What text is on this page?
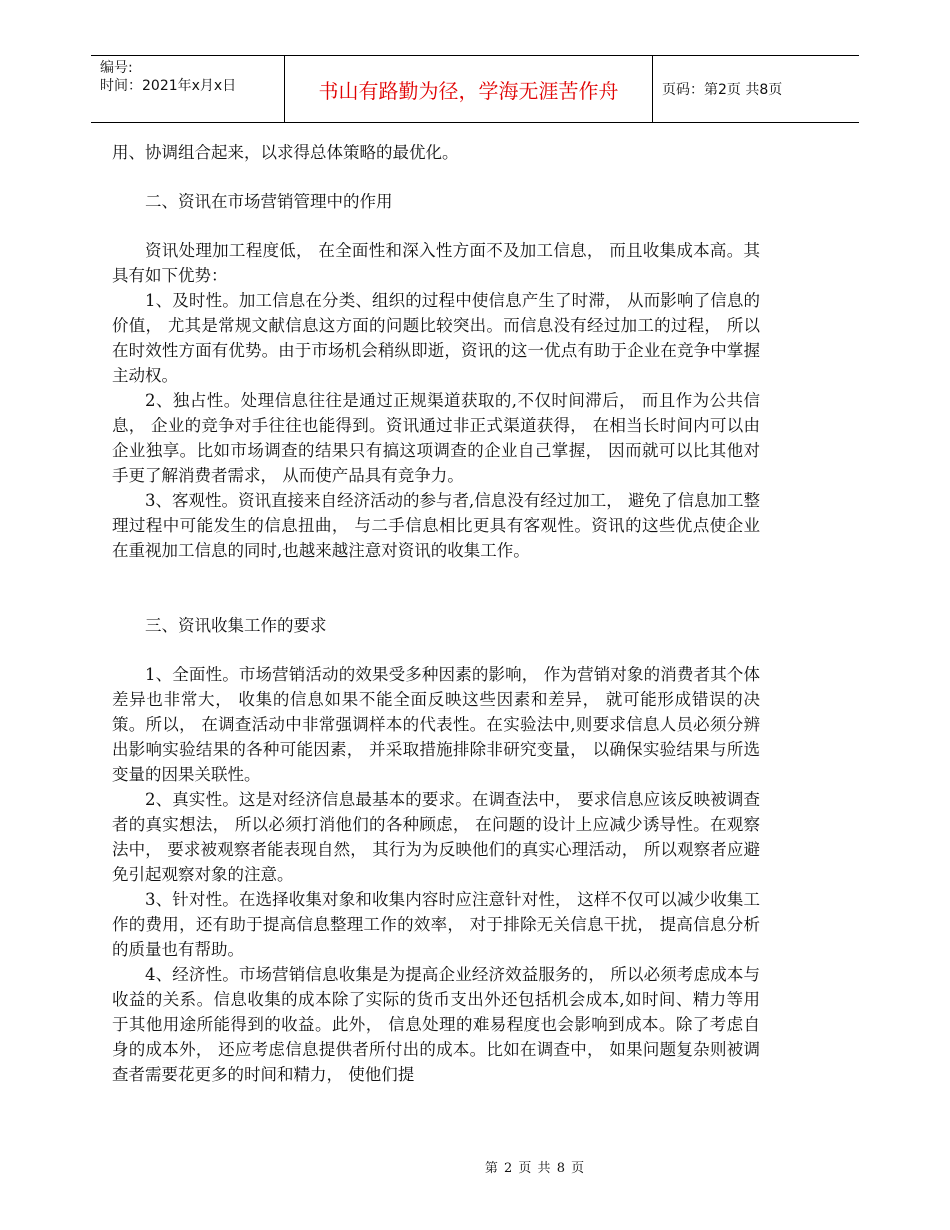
编号:
时间：2021年x月x日	书山有路勤为径，学海无涯苦作舟	页码：第2页 共8页

用、协调组合起来，以求得总体策略的最优化。

二、资讯在市场营销管理中的作用

资讯处理加工程度低， 在全面性和深入性方面不及加工信息， 而且收集成本高。其具有如下优势：

1、及时性。加工信息在分类、组织的过程中使信息产生了时滞， 从而影响了信息的价值， 尤其是常规文献信息这方面的问题比较突出。而信息没有经过加工的过程， 所以在时效性方面有优势。由于市场机会稍纵即逝，资讯的这一优点有助于企业在竞争中掌握主动权。

2、独占性。处理信息往往是通过正规渠道获取的,不仅时间滞后， 而且作为公共信息， 企业的竞争对手往往也能得到。资讯通过非正式渠道获得， 在相当长时间内可以由企业独享。比如市场调查的结果只有搞这项调查的企业自己掌握， 因而就可以比其他对手更了解消费者需求， 从而使产品具有竞争力。

3、客观性。资讯直接来自经济活动的参与者,信息没有经过加工， 避免了信息加工整理过程中可能发生的信息扭曲， 与二手信息相比更具有客观性。资讯的这些优点使企业在重视加工信息的同时,也越来越注意对资讯的收集工作。

三、资讯收集工作的要求

1、全面性。市场营销活动的效果受多种因素的影响， 作为营销对象的消费者其个体差异也非常大， 收集的信息如果不能全面反映这些因素和差异， 就可能形成错误的决策。所以， 在调查活动中非常强调样本的代表性。在实验法中,则要求信息人员必须分辨出影响实验结果的各种可能因素， 并采取措施排除非研究变量， 以确保实验结果与所选变量的因果关联性。

2、真实性。这是对经济信息最基本的要求。在调查法中， 要求信息应该反映被调查者的真实想法， 所以必须打消他们的各种顾虑， 在问题的设计上应减少诱导性。在观察法中， 要求被观察者能表现自然， 其行为为反映他们的真实心理活动， 所以观察者应避免引起观察对象的注意。

3、针对性。在选择收集对象和收集内容时应注意针对性， 这样不仅可以减少收集工作的费用，还有助于提高信息整理工作的效率， 对于排除无关信息干扰， 提高信息分析的质量也有帮助。

4、经济性。市场营销信息收集是为提高企业经济效益服务的， 所以必须考虑成本与收益的关系。信息收集的成本除了实际的货币支出外还包括机会成本,如时间、精力等用于其他用途所能得到的收益。此外， 信息处理的难易程度也会影响到成本。除了考虑自身的成本外， 还应考虑信息提供者所付出的成本。比如在调查中， 如果问题复杂则被调查者需要花更多的时间和精力， 使他们提

第 2 页 共 8 页
